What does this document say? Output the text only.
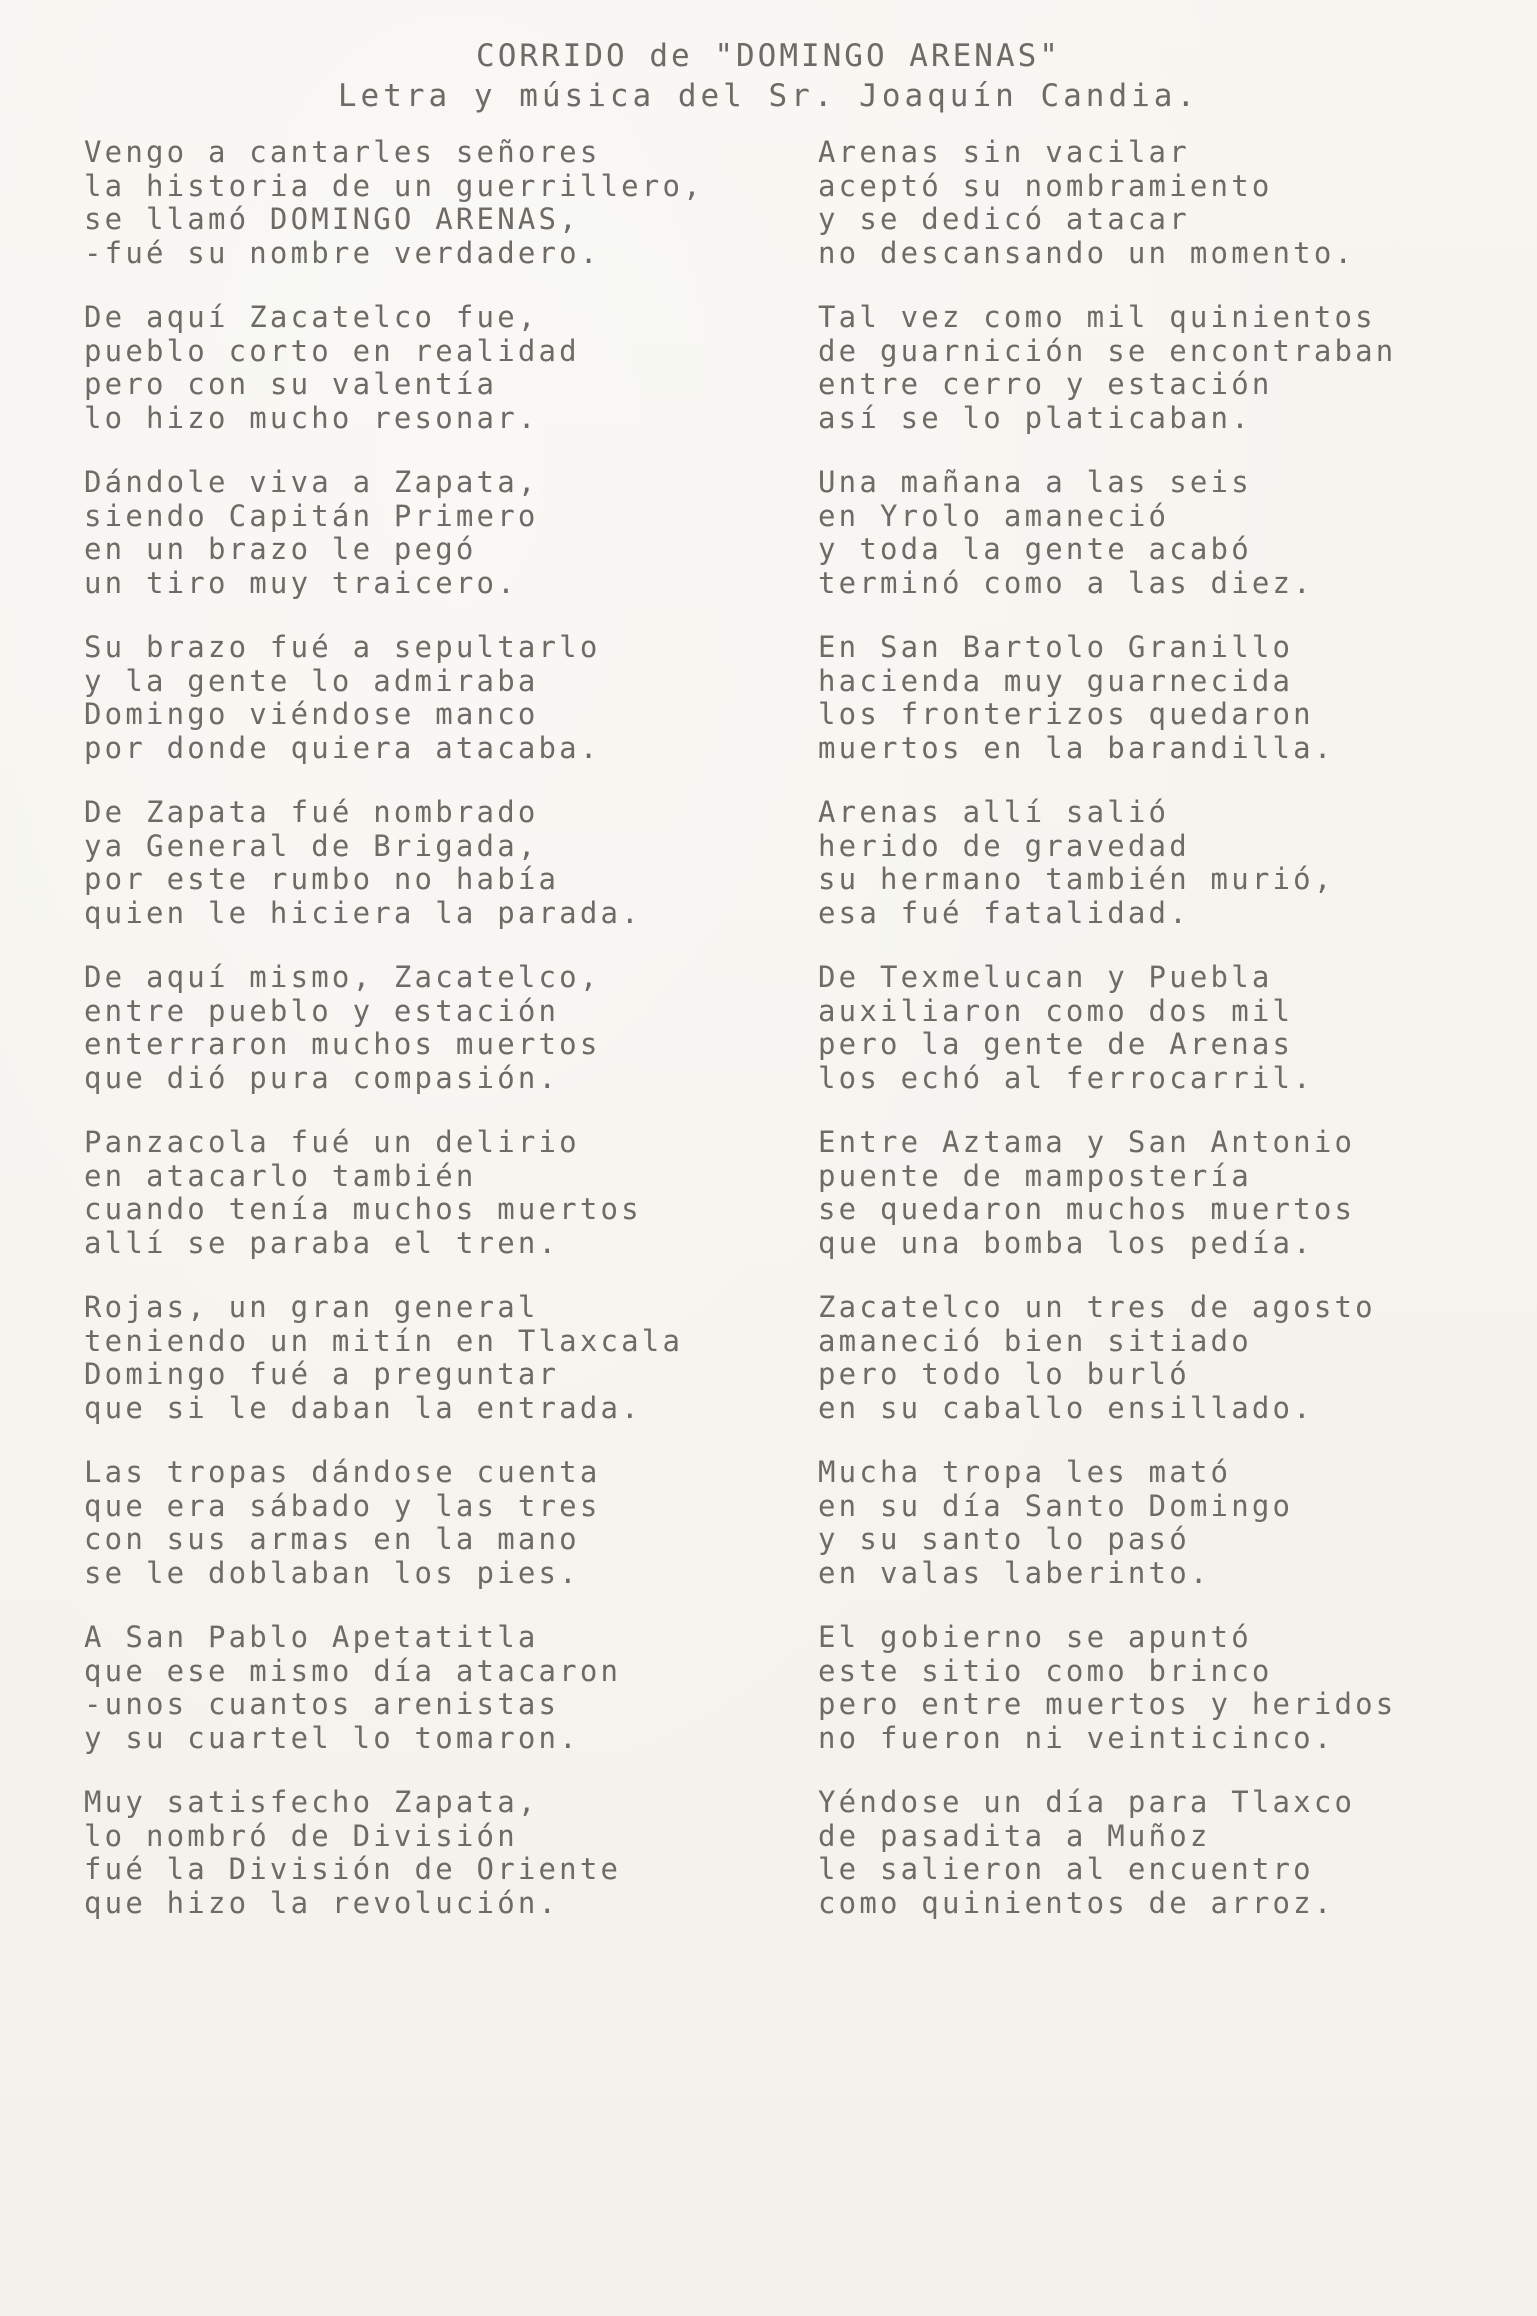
CORRIDO de "DOMINGO ARENAS"
Letra y música del Sr. Joaquín Candia.
Vengo a cantarles señores
la historia de un guerrillero,
se llamó DOMINGO ARENAS,
-fué su nombre verdadero.
De aquí Zacatelco fue,
pueblo corto en realidad
pero con su valentía
lo hizo mucho resonar.
Dándole viva a Zapata,
siendo Capitán Primero
en un brazo le pegó
un tiro muy traicero.
Su brazo fué a sepultarlo
y la gente lo admiraba
Domingo viéndose manco
por donde quiera atacaba.
De Zapata fué nombrado
ya General de Brigada,
por este rumbo no había
quien le hiciera la parada.
De aquí mismo, Zacatelco,
entre pueblo y estación
enterraron muchos muertos
que dió pura compasión.
Panzacola fué un delirio
en atacarlo también
cuando tenía muchos muertos
allí se paraba el tren.
Rojas, un gran general
teniendo un mitín en Tlaxcala
Domingo fué a preguntar
que si le daban la entrada.
Las tropas dándose cuenta
que era sábado y las tres
con sus armas en la mano
se le doblaban los pies.
A San Pablo Apetatitla
que ese mismo día atacaron
-unos cuantos arenistas
y su cuartel lo tomaron.
Muy satisfecho Zapata,
lo nombró de División
fué la División de Oriente
que hizo la revolución.
Arenas sin vacilar
aceptó su nombramiento
y se dedicó atacar
no descansando un momento.
Tal vez como mil quinientos
de guarnición se encontraban
entre cerro y estación
así se lo platicaban.
Una mañana a las seis
en Yrolo amaneció
y toda la gente acabó
terminó como a las diez.
En San Bartolo Granillo
hacienda muy guarnecida
los fronterizos quedaron
muertos en la barandilla.
Arenas allí salió
herido de gravedad
su hermano también murió,
esa fué fatalidad.
De Texmelucan y Puebla
auxiliaron como dos mil
pero la gente de Arenas
los echó al ferrocarril.
Entre Aztama y San Antonio
puente de mampostería
se quedaron muchos muertos
que una bomba los pedía.
Zacatelco un tres de agosto
amaneció bien sitiado
pero todo lo burló
en su caballo ensillado.
Mucha tropa les mató
en su día Santo Domingo
y su santo lo pasó
en valas laberinto.
El gobierno se apuntó
este sitio como brinco
pero entre muertos y heridos
no fueron ni veinticinco.
Yéndose un día para Tlaxco
de pasadita a Muñoz
le salieron al encuentro
como quinientos de arroz.
